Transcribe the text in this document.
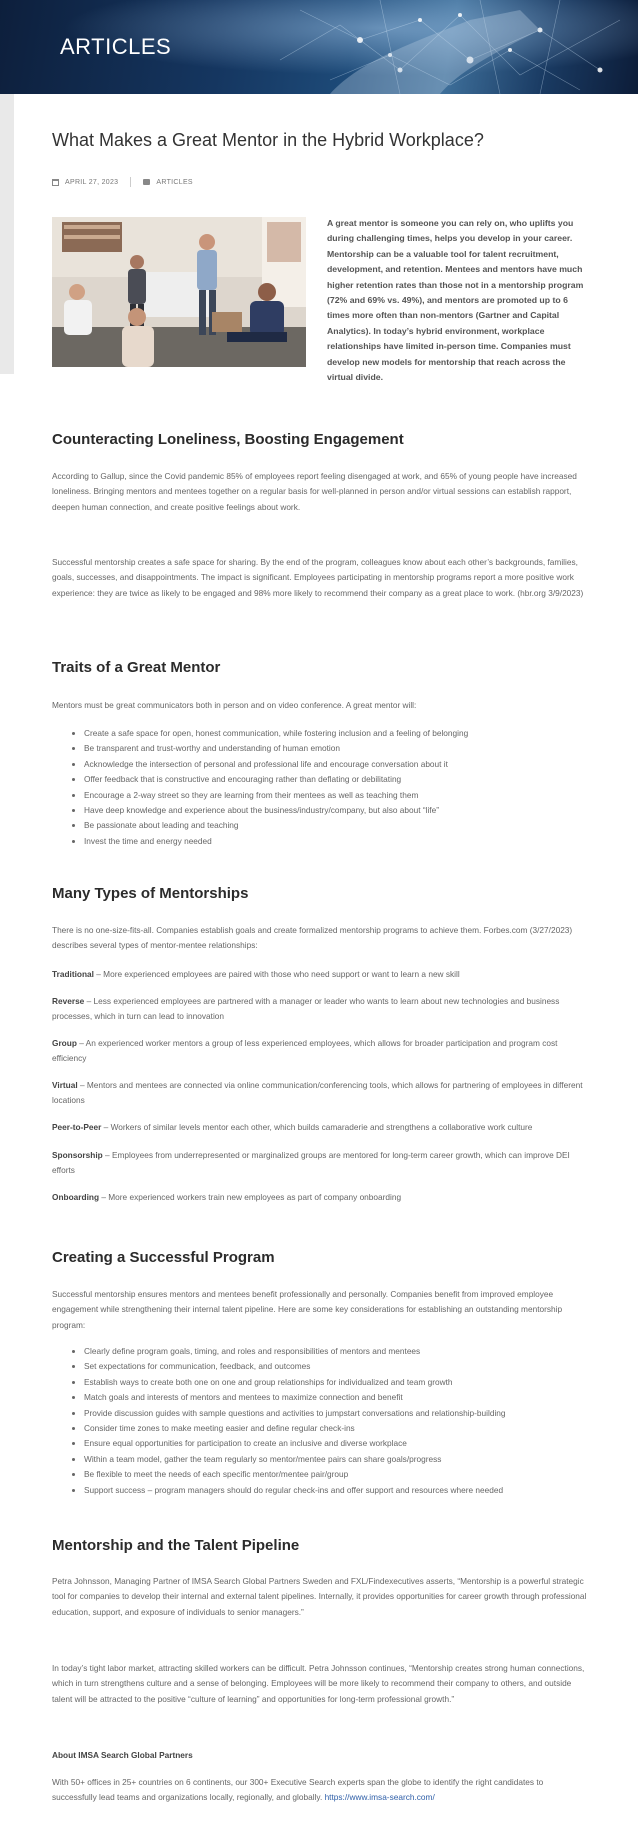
ARTICLES
What Makes a Great Mentor in the Hybrid Workplace?
APRIL 27, 2023	ARTICLES

A great mentor is someone you can rely on, who uplifts you during challenging times, helps you develop in your career. Mentorship can be a valuable tool for talent recruitment, development, and retention. Mentees and mentors have much higher retention rates than those not in a mentorship program (72% and 69% vs. 49%), and mentors are promoted up to 6 times more often than non-mentors (Gartner and Capital Analytics). In today’s hybrid environment, workplace relationships have limited in-person time. Companies must develop new models for mentorship that reach across the virtual divide.

Counteracting Loneliness, Boosting Engagement

According to Gallup, since the Covid pandemic 85% of employees report feeling disengaged at work, and 65% of young people have increased loneliness. Bringing mentors and mentees together on a regular basis for well-planned in person and/or virtual sessions can establish rapport, deepen human connection, and create positive feelings about work.

Successful mentorship creates a safe space for sharing. By the end of the program, colleagues know about each other’s backgrounds, families, goals, successes, and disappointments. The impact is significant. Employees participating in mentorship programs report a more positive work experience: they are twice as likely to be engaged and 98% more likely to recommend their company as a great place to work. (hbr.org 3/9/2023)

Traits of a Great Mentor

Mentors must be great communicators both in person and on video conference. A great mentor will:

• Create a safe space for open, honest communication, while fostering inclusion and a feeling of belonging
• Be transparent and trust-worthy and understanding of human emotion
• Acknowledge the intersection of personal and professional life and encourage conversation about it
• Offer feedback that is constructive and encouraging rather than deflating or debilitating
• Encourage a 2-way street so they are learning from their mentees as well as teaching them
• Have deep knowledge and experience about the business/industry/company, but also about “life”
• Be passionate about leading and teaching
• Invest the time and energy needed
Many Types of Mentorships

There is no one-size-fits-all. Companies establish goals and create formalized mentorship programs to achieve them. Forbes.com (3/27/2023) describes several types of mentor-mentee relationships:

Traditional – More experienced employees are paired with those who need support or want to learn a new skill

Reverse – Less experienced employees are partnered with a manager or leader who wants to learn about new technologies and business processes, which in turn can lead to innovation

Group – An experienced worker mentors a group of less experienced employees, which allows for broader participation and program cost efficiency

Virtual – Mentors and mentees are connected via online communication/conferencing tools, which allows for partnering of employees in different locations

Peer-to-Peer – Workers of similar levels mentor each other, which builds camaraderie and strengthens a collaborative work culture

Sponsorship – Employees from underrepresented or marginalized groups are mentored for long-term career growth, which can improve DEI efforts

Onboarding – More experienced workers train new employees as part of company onboarding

Creating a Successful Program

Successful mentorship ensures mentors and mentees benefit professionally and personally. Companies benefit from improved employee engagement while strengthening their internal talent pipeline. Here are some key considerations for establishing an outstanding mentorship program:

• Clearly define program goals, timing, and roles and responsibilities of mentors and mentees
• Set expectations for communication, feedback, and outcomes
• Establish ways to create both one on one and group relationships for individualized and team growth
• Match goals and interests of mentors and mentees to maximize connection and benefit
• Provide discussion guides with sample questions and activities to jumpstart conversations and relationship-building
• Consider time zones to make meeting easier and define regular check-ins
• Ensure equal opportunities for participation to create an inclusive and diverse workplace
• Within a team model, gather the team regularly so mentor/mentee pairs can share goals/progress
• Be flexible to meet the needs of each specific mentor/mentee pair/group
• Support success – program managers should do regular check-ins and offer support and resources where needed
Mentorship and the Talent Pipeline

Petra Johnsson, Managing Partner of IMSA Search Global Partners Sweden and FXL/Findexecutives asserts, “Mentorship is a powerful strategic tool for companies to develop their internal and external talent pipelines. Internally, it provides opportunities for career growth through professional education, support, and exposure of individuals to senior managers.”

In today’s tight labor market, attracting skilled workers can be difficult. Petra Johnsson continues, “Mentorship creates strong human connections, which in turn strengthens culture and a sense of belonging. Employees will be more likely to recommend their company to others, and outside talent will be attracted to the positive “culture of learning” and opportunities for long-term professional growth.”

About IMSA Search Global Partners

With 50+ offices in 25+ countries on 6 continents, our 300+ Executive Search experts span the globe to identify the right candidates to successfully lead teams and organizations locally, regionally, and globally. https://www.imsa-search.com/
